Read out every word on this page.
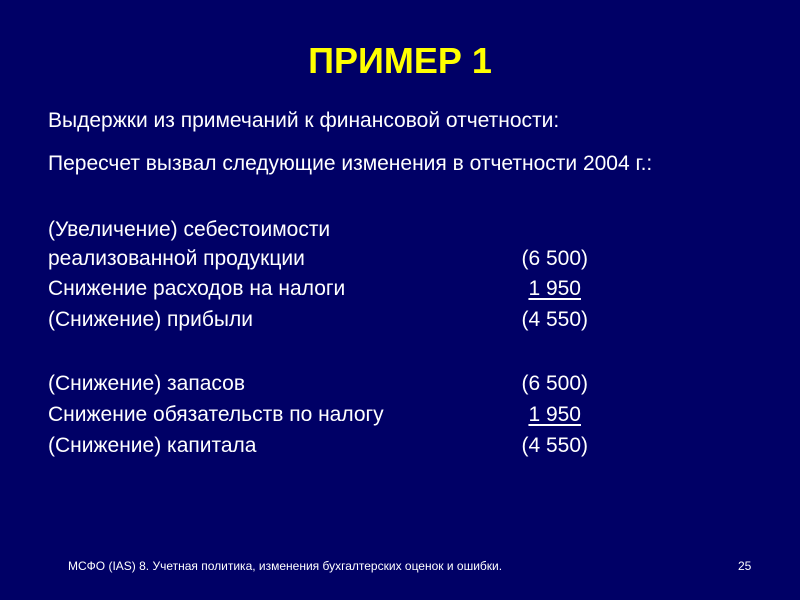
ПРИМЕР 1
Выдержки из примечаний к финансовой отчетности:
Пересчет вызвал следующие изменения в отчетности 2004 г.:
(Увеличение) себестоимости
реализованной продукции	(6 500)
Снижение расходов на налоги	1 950
(Снижение) прибыли	(4 550)
(Снижение) запасов	(6 500)
Снижение обязательств по налогу	1 950
(Снижение) капитала	(4 550)
МСФО (IAS) 8. Учетная политика, изменения бухгалтерских оценок и ошибки.	25
